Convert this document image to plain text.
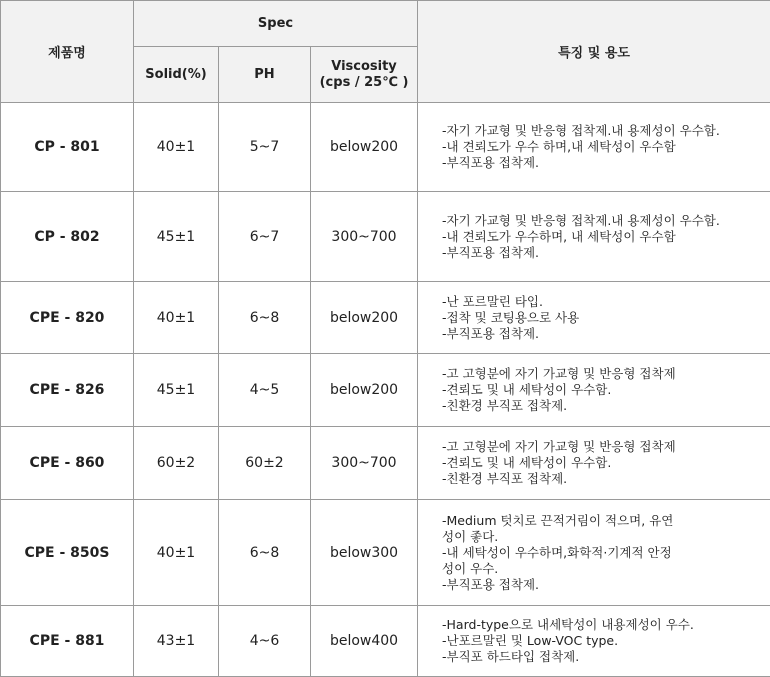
제품명	Spec			특징 및 용도
	Solid(%)	PH	Viscosity
(cps / 25℃ )	

CP - 801	40±1	5~7	below200	-자기 가교형 및 반응형 접착제.내 용제성이 우수함.
-내 견뢰도가 우수 하며,내 세탁성이 우수함
-부직포용 접착제.

CP - 802	45±1	6~7	300~700	-자기 가교형 및 반응형 접착제.내 용제성이 우수함.
-내 견뢰도가 우수하며, 내 세탁성이 우수함
-부직포용 접착제.

CPE - 820	40±1	6~8	below200	-난 포르말린 타입.
-접착 및 코팅용으로 사용
-부직포용 접착제.

CPE - 826	45±1	4~5	below200	-고 고형분에 자기 가교형 및 반응형 접착제
-견뢰도 및 내 세탁성이 우수함.
-친환경 부직포 접착제.

CPE - 860	60±2	60±2	300~700	-고 고형분에 자기 가교형 및 반응형 접착제
-견뢰도 및 내 세탁성이 우수함.
-친환경 부직포 접착제.

CPE - 850S	40±1	6~8	below300	-Medium 텃치로 끈적거림이 적으며, 유연성이 좋다.
-내 세탁성이 우수하며,화학적·기계적 안정성이 우수.
-부직포용 접착제.

CPE - 881	43±1	4~6	below400	-Hard-type으로 내세탁성이 내용제성이 우수.
-난포르말린 및 Low-VOC type.
-부직포 하드타입 접착제.
